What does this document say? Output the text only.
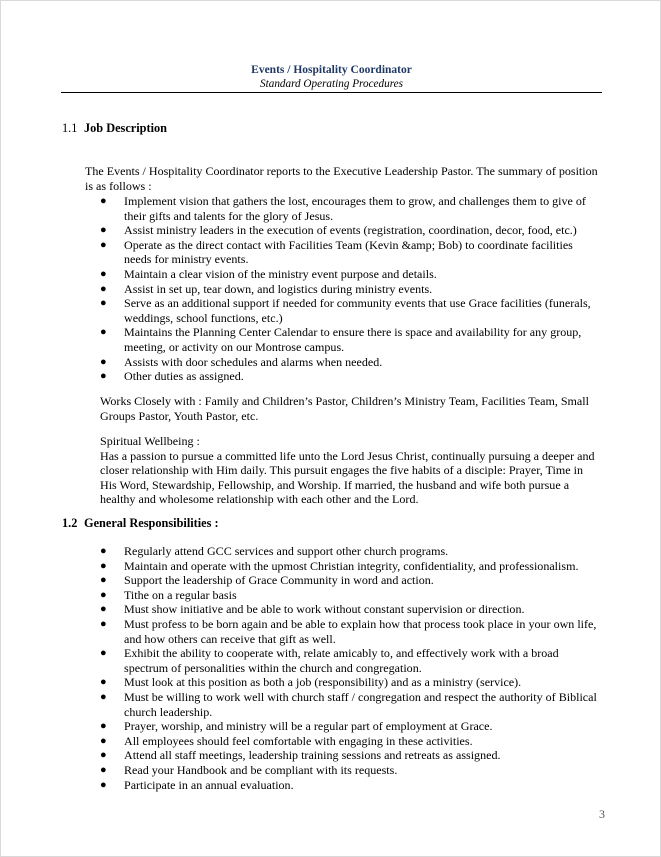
Events / Hospitality Coordinator
Standard Operating Procedures
1.1 Job Description
The Events / Hospitality Coordinator reports to the Executive Leadership Pastor. The summary of position is as follows :
●	Implement vision that gathers the lost, encourages them to grow, and challenges them to give of their gifts and talents for the glory of Jesus.
●	Assist ministry leaders in the execution of events (registration, coordination, decor, food, etc.)
●	Operate as the direct contact with Facilities Team (Kevin &amp; Bob) to coordinate facilities needs for ministry events.
●	Maintain a clear vision of the ministry event purpose and details.
●	Assist in set up, tear down, and logistics during ministry events.
●	Serve as an additional support if needed for community events that use Grace facilities (funerals, weddings, school functions, etc.)
●	Maintains the Planning Center Calendar to ensure there is space and availability for any group, meeting, or activity on our Montrose campus.
●	Assists with door schedules and alarms when needed.
●	Other duties as assigned.
Works Closely with : Family and Children’s Pastor, Children’s Ministry Team, Facilities Team, Small Groups Pastor, Youth Pastor, etc.
Spiritual Wellbeing :
Has a passion to pursue a committed life unto the Lord Jesus Christ, continually pursuing a deeper and closer relationship with Him daily. This pursuit engages the five habits of a disciple: Prayer, Time in His Word, Stewardship, Fellowship, and Worship. If married, the husband and wife both pursue a healthy and wholesome relationship with each other and the Lord.
1.2 General Responsibilities :
●	Regularly attend GCC services and support other church programs.
●	Maintain and operate with the upmost Christian integrity, confidentiality, and professionalism.
●	Support the leadership of Grace Community in word and action.
●	Tithe on a regular basis
●	Must show initiative and be able to work without constant supervision or direction.
●	Must profess to be born again and be able to explain how that process took place in your own life, and how others can receive that gift as well.
●	Exhibit the ability to cooperate with, relate amicably to, and effectively work with a broad spectrum of personalities within the church and congregation.
●	Must look at this position as both a job (responsibility) and as a ministry (service).
●	Must be willing to work well with church staff / congregation and respect the authority of Biblical church leadership.
●	Prayer, worship, and ministry will be a regular part of employment at Grace.
●	All employees should feel comfortable with engaging in these activities.
●	Attend all staff meetings, leadership training sessions and retreats as assigned.
●	Read your Handbook and be compliant with its requests.
●	Participate in an annual evaluation.
3
